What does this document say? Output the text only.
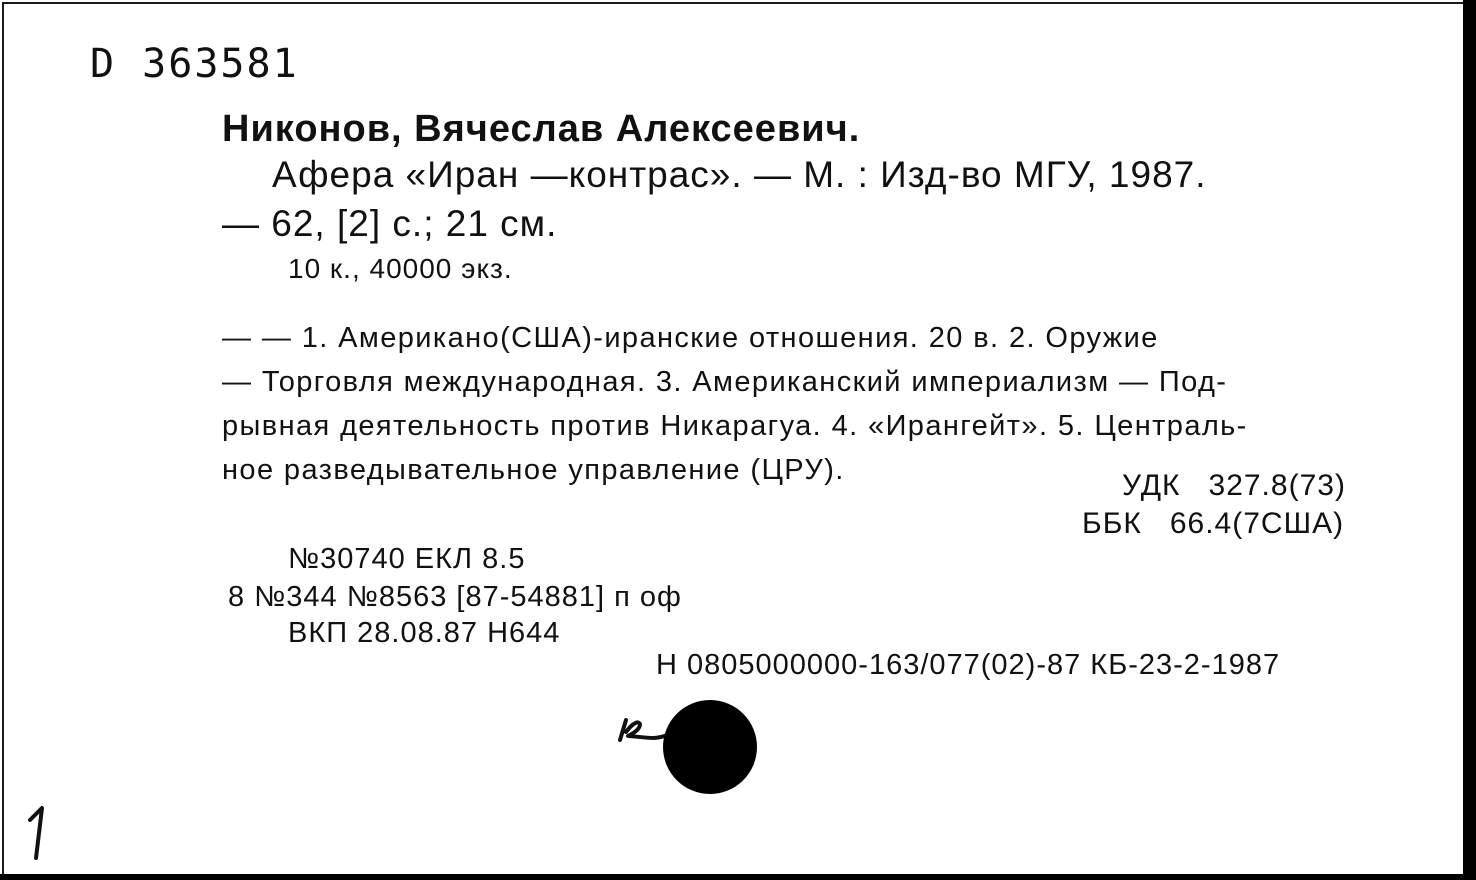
D 363581
Никонов, Вячеслав Алексеевич.
Афера «Иран —контрас». — М. : Изд-во МГУ, 1987.
— 62, [2] с.; 21 см.
10 к., 40000 экз.
— — 1. Американо(США)-иранские отношения. 20 в. 2. Оружие
— Торговля международная. 3. Американский империализм — Под-
рывная деятельность против Никарагуа. 4. «Ирангейт». 5. Централь-
ное разведывательное управление (ЦРУ).	УДК   327.8(73)
ББК   66.4(7США)
№30740 ЕКЛ 8.5
8 №344 №8563 [87-54881] п оф
ВКП 28.08.87 Н644
Н 0805000000-163/077(02)-87 КБ-23-2-1987
